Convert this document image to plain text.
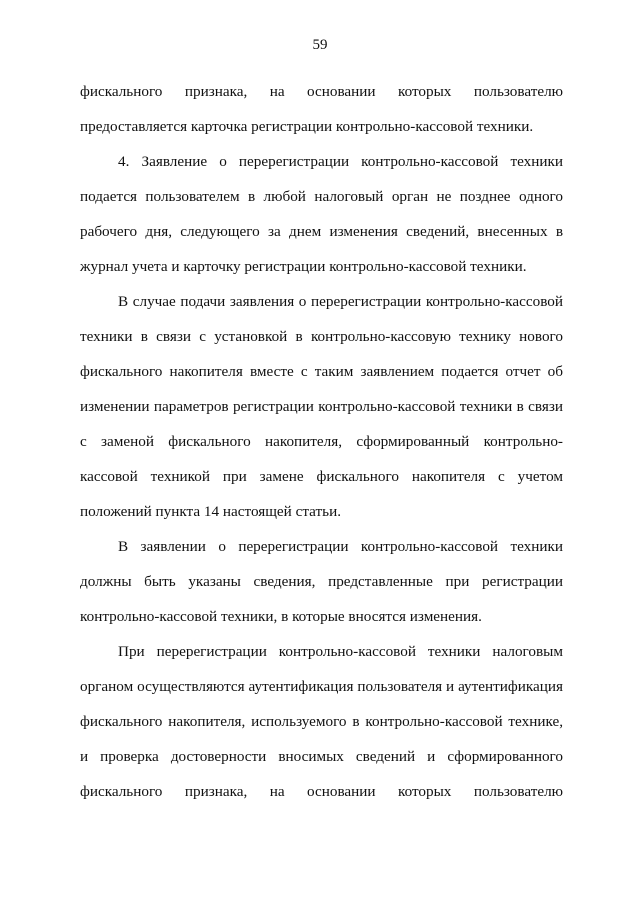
59
фискального признака, на основании которых пользователю
предоставляется карточка регистрации контрольно-кассовой техники.
4. Заявление о перерегистрации контрольно-кассовой техники
подается пользователем в любой налоговый орган не позднее одного
рабочего дня, следующего за днем изменения сведений, внесенных в
журнал учета и карточку регистрации контрольно-кассовой техники.
В случае подачи заявления о перерегистрации контрольно-кассовой
техники в связи с установкой в контрольно-кассовую технику нового
фискального накопителя вместе с таким заявлением подается отчет об
изменении параметров регистрации контрольно-кассовой техники в связи
с заменой фискального накопителя, сформированный контрольно-
кассовой техникой при замене фискального накопителя с учетом
положений пункта 14 настоящей статьи.
В заявлении о перерегистрации контрольно-кассовой техники
должны быть указаны сведения, представленные при регистрации
контрольно-кассовой техники, в которые вносятся изменения.
При перерегистрации контрольно-кассовой техники налоговым
органом осуществляются аутентификация пользователя и аутентификация
фискального накопителя, используемого в контрольно-кассовой технике,
и проверка достоверности вносимых сведений и сформированного
фискального признака, на основании которых пользователю
